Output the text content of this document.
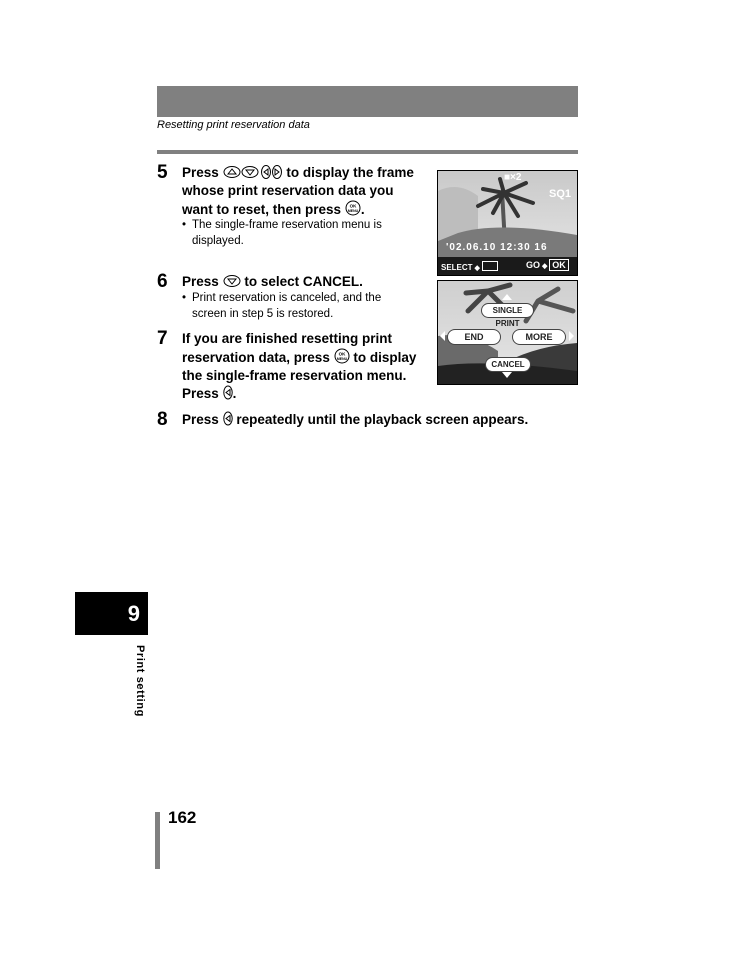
Resetting print reservation data
5 Press	to display the frame whose print reservation data you want to reset, then press OK
MENU .
• The single-frame reservation menu is displayed.
■×2
SQ1
'02.06.10 12:30 16
SELECT ◆	GO ◆ OK
6 Press to select CANCEL.
• Print reservation is canceled, and the screen in step 5 is restored.	SINGLE PRINT
END	MORE
CANCEL
7 If you are finished resetting print reservation data, press OK
MENU to display the single-frame reservation menu. Press .
8 Press repeatedly until the playback screen appears.
9
Print setting
162
